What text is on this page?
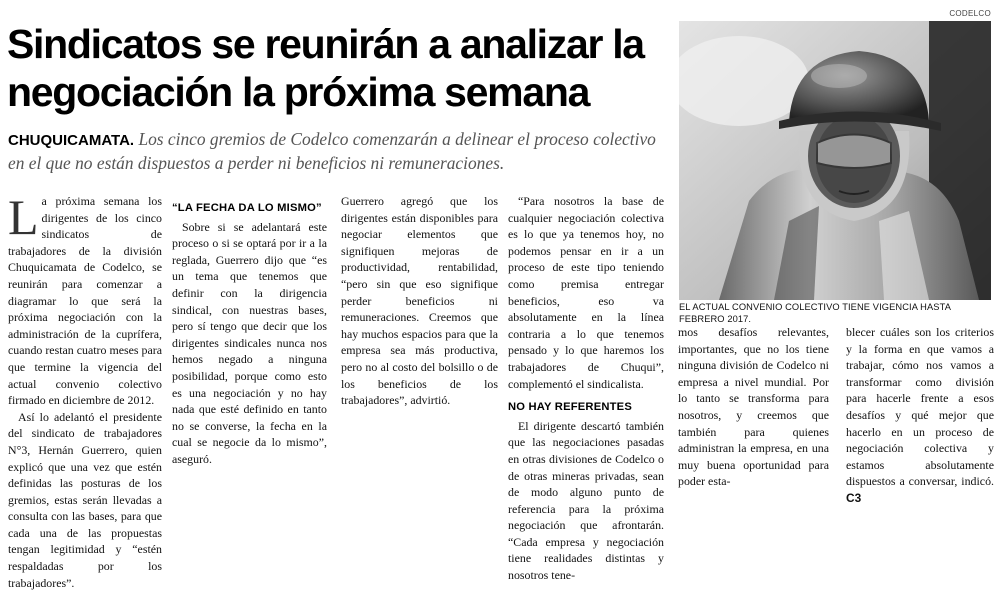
CODELCO
Sindicatos se reunirán a analizar la negociación la próxima semana
CHUQUICAMATA. Los cinco gremios de Codelco comenzarán a delinear el proceso colectivo en el que no están dispuestos a perder ni beneficios ni remuneraciones.
EL ACTUAL CONVENIO COLECTIVO TIENE VIGENCIA HASTA FEBRERO 2017.

La próxima semana los dirigentes de los cinco sindicatos de trabajadores de la división Chuquicamata de Codelco, se reunirán para comenzar a diagramar lo que será la próxima negociación con la administración de la cuprífera, cuando restan cuatro meses para que termine la vigencia del actual convenio colectivo firmado en diciembre de 2012.

Así lo adelantó el presidente del sindicato de trabajadores N°3, Hernán Guerrero, quien explicó que una vez que estén definidas las posturas de los gremios, estas serán llevadas a consulta con las bases, para que cada una de las propuestas tengan legitimidad y “estén respaldadas por los trabajadores”.

“LA FECHA DA LO MISMO”

Sobre si se adelantará este proceso o si se optará por ir a la reglada, Guerrero dijo que “es un tema que tenemos que definir con la dirigencia sindical, con nuestras bases, pero sí tengo que decir que los dirigentes sindicales nunca nos hemos negado a ninguna posibilidad, porque como esto es una negociación y no hay nada que esté definido en tanto no se converse, la fecha en la cual se negocie da lo mismo”, aseguró.

Guerrero agregó que los dirigentes están disponibles para negociar elementos que signifiquen mejoras de productividad, rentabilidad, “pero sin que eso signifique perder beneficios ni remuneraciones. Creemos que hay muchos espacios para que la empresa sea más productiva, pero no al costo del bolsillo o de los beneficios de los trabajadores”, advirtió.

“Para nosotros la base de cualquier negociación colectiva es lo que ya tenemos hoy, no podemos pensar en ir a un proceso de este tipo teniendo como premisa entregar beneficios, eso va absolutamente en la línea contraria a lo que tenemos pensado y lo que haremos los trabajadores de Chuqui”, complementó el sindicalista.

NO HAY REFERENTES

El dirigente descartó también que las negociaciones pasadas en otras divisiones de Codelco o de otras mineras privadas, sean de modo alguno punto de referencia para la próxima negociación que afrontarán. “Cada empresa y negociación tiene realidades distintas y nosotros tene-

mos desafíos relevantes, importantes, que no los tiene ninguna división de Codelco ni empresa a nivel mundial. Por lo tanto se transforma para nosotros, y creemos que también para quienes administran la empresa, en una muy buena oportunidad para poder esta-

blecer cuáles son los criterios y la forma en que vamos a trabajar, cómo nos vamos a transformar como división para hacerle frente a esos desafíos y qué mejor que hacerlo en un proceso de negociación colectiva y estamos absolutamente dispuestos a conversar, indicó. C3
